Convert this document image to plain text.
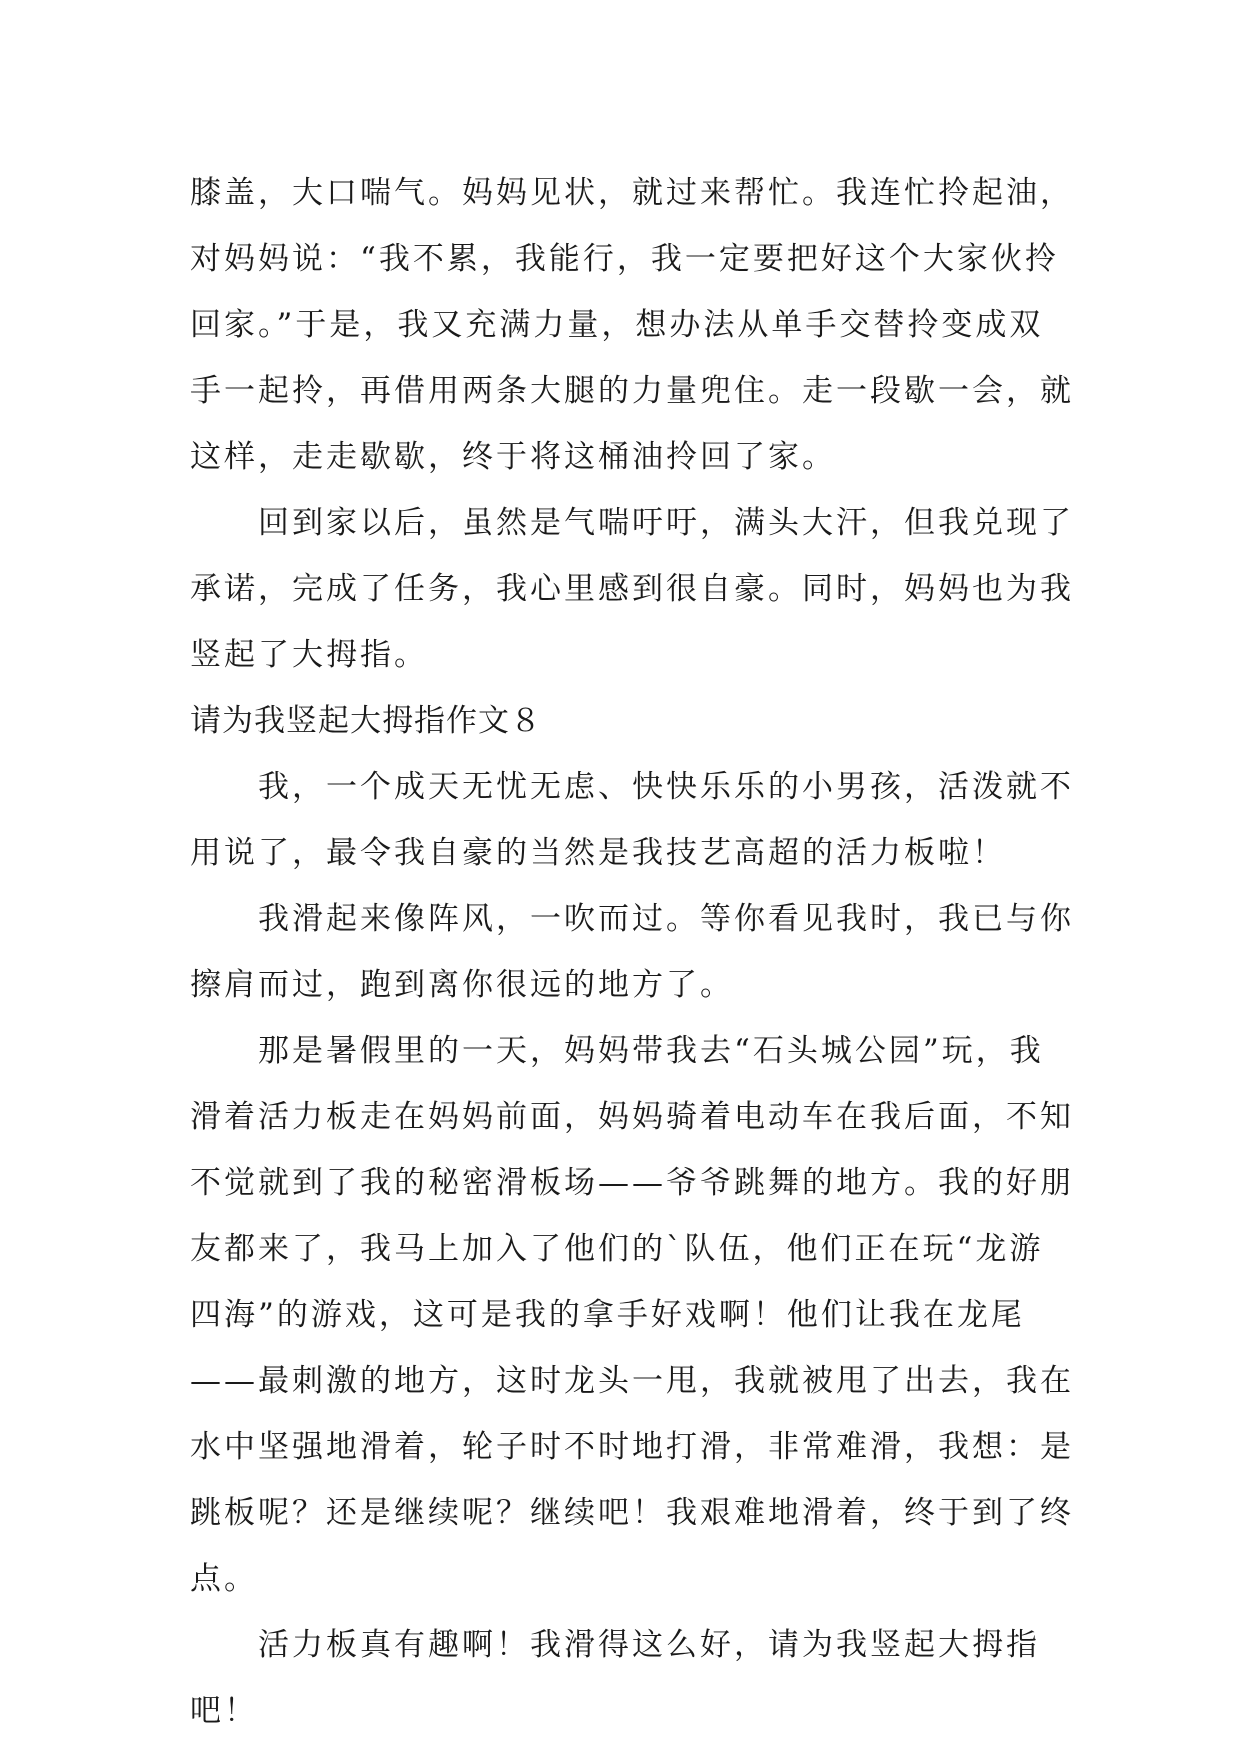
膝盖，大口喘气。妈妈见状，就过来帮忙。我连忙拎起油，
对妈妈说：“我不累，我能行，我一定要把好这个大家伙拎
回家。”于是，我又充满力量，想办法从单手交替拎变成双
手一起拎，再借用两条大腿的力量兜住。走一段歇一会，就
这样，走走歇歇，终于将这桶油拎回了家。
回到家以后，虽然是气喘吁吁，满头大汗，但我兑现了
承诺，完成了任务，我心里感到很自豪。同时，妈妈也为我
竖起了大拇指。
请为我竖起大拇指作文８
我，一个成天无忧无虑、快快乐乐的小男孩，活泼就不
用说了，最令我自豪的当然是我技艺高超的活力板啦！
我滑起来像阵风，一吹而过。等你看见我时，我已与你
擦肩而过，跑到离你很远的地方了。
那是暑假里的一天，妈妈带我去“石头城公园”玩，我
滑着活力板走在妈妈前面，妈妈骑着电动车在我后面，不知
不觉就到了我的秘密滑板场——爷爷跳舞的地方。我的好朋
友都来了，我马上加入了他们的`队伍，他们正在玩“龙游
四海”的游戏，这可是我的拿手好戏啊！他们让我在龙尾
——最刺激的地方，这时龙头一甩，我就被甩了出去，我在
水中坚强地滑着，轮子时不时地打滑，非常难滑，我想：是
跳板呢？还是继续呢？继续吧！我艰难地滑着，终于到了终
点。
活力板真有趣啊！我滑得这么好，请为我竖起大拇指
吧！
